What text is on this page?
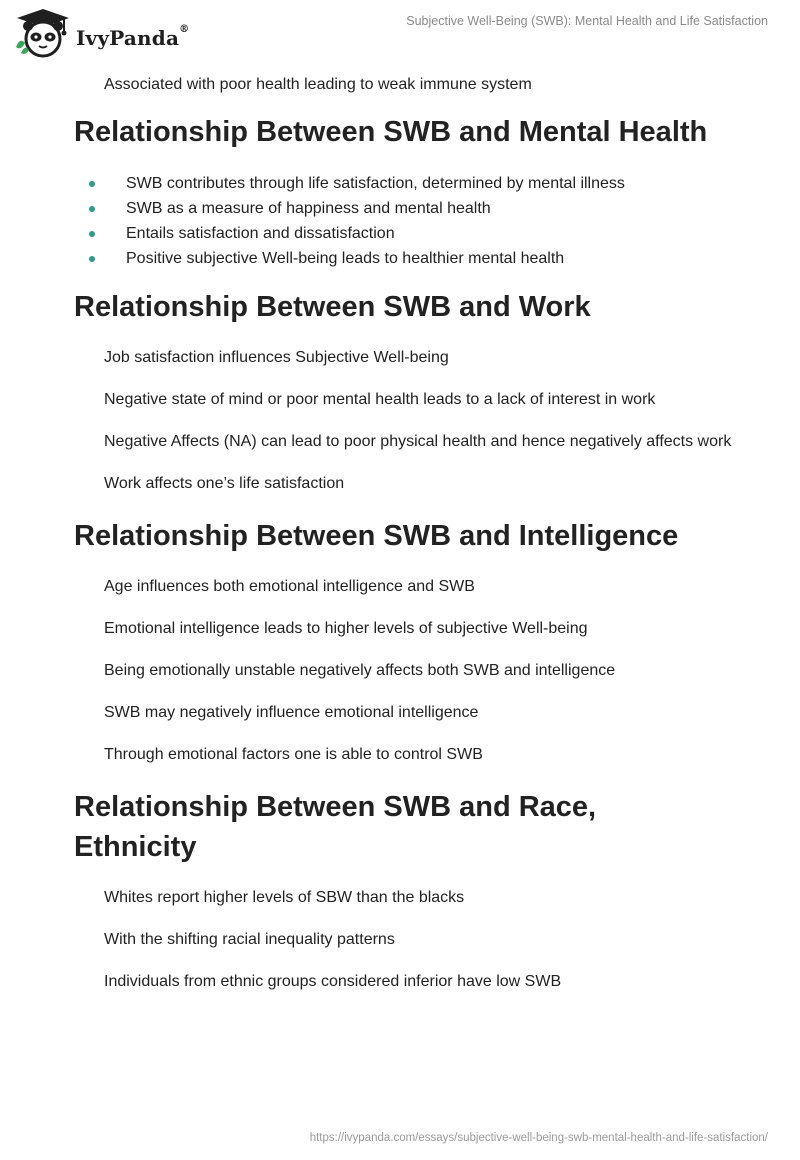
IvyPanda®
Subjective Well-Being (SWB): Mental Health and Life Satisfaction

Associated with poor health leading to weak immune system

Relationship Between SWB and Mental Health
SWB contributes through life satisfaction, determined by mental illness
SWB as a measure of happiness and mental health
Entails satisfaction and dissatisfaction
Positive subjective Well-being leads to healthier mental health
Relationship Between SWB and Work

Job satisfaction influences Subjective Well-being

Negative state of mind or poor mental health leads to a lack of interest in work

Negative Affects (NA) can lead to poor physical health and hence negatively affects work

Work affects one’s life satisfaction

Relationship Between SWB and Intelligence

Age influences both emotional intelligence and SWB

Emotional intelligence leads to higher levels of subjective Well-being

Being emotionally unstable negatively affects both SWB and intelligence

SWB may negatively influence emotional intelligence

Through emotional factors one is able to control SWB

Relationship Between SWB and Race, Ethnicity

Whites report higher levels of SBW than the blacks

With the shifting racial inequality patterns

Individuals from ethnic groups considered inferior have low SWB

https://ivypanda.com/essays/subjective-well-being-swb-mental-health-and-life-satisfaction/
